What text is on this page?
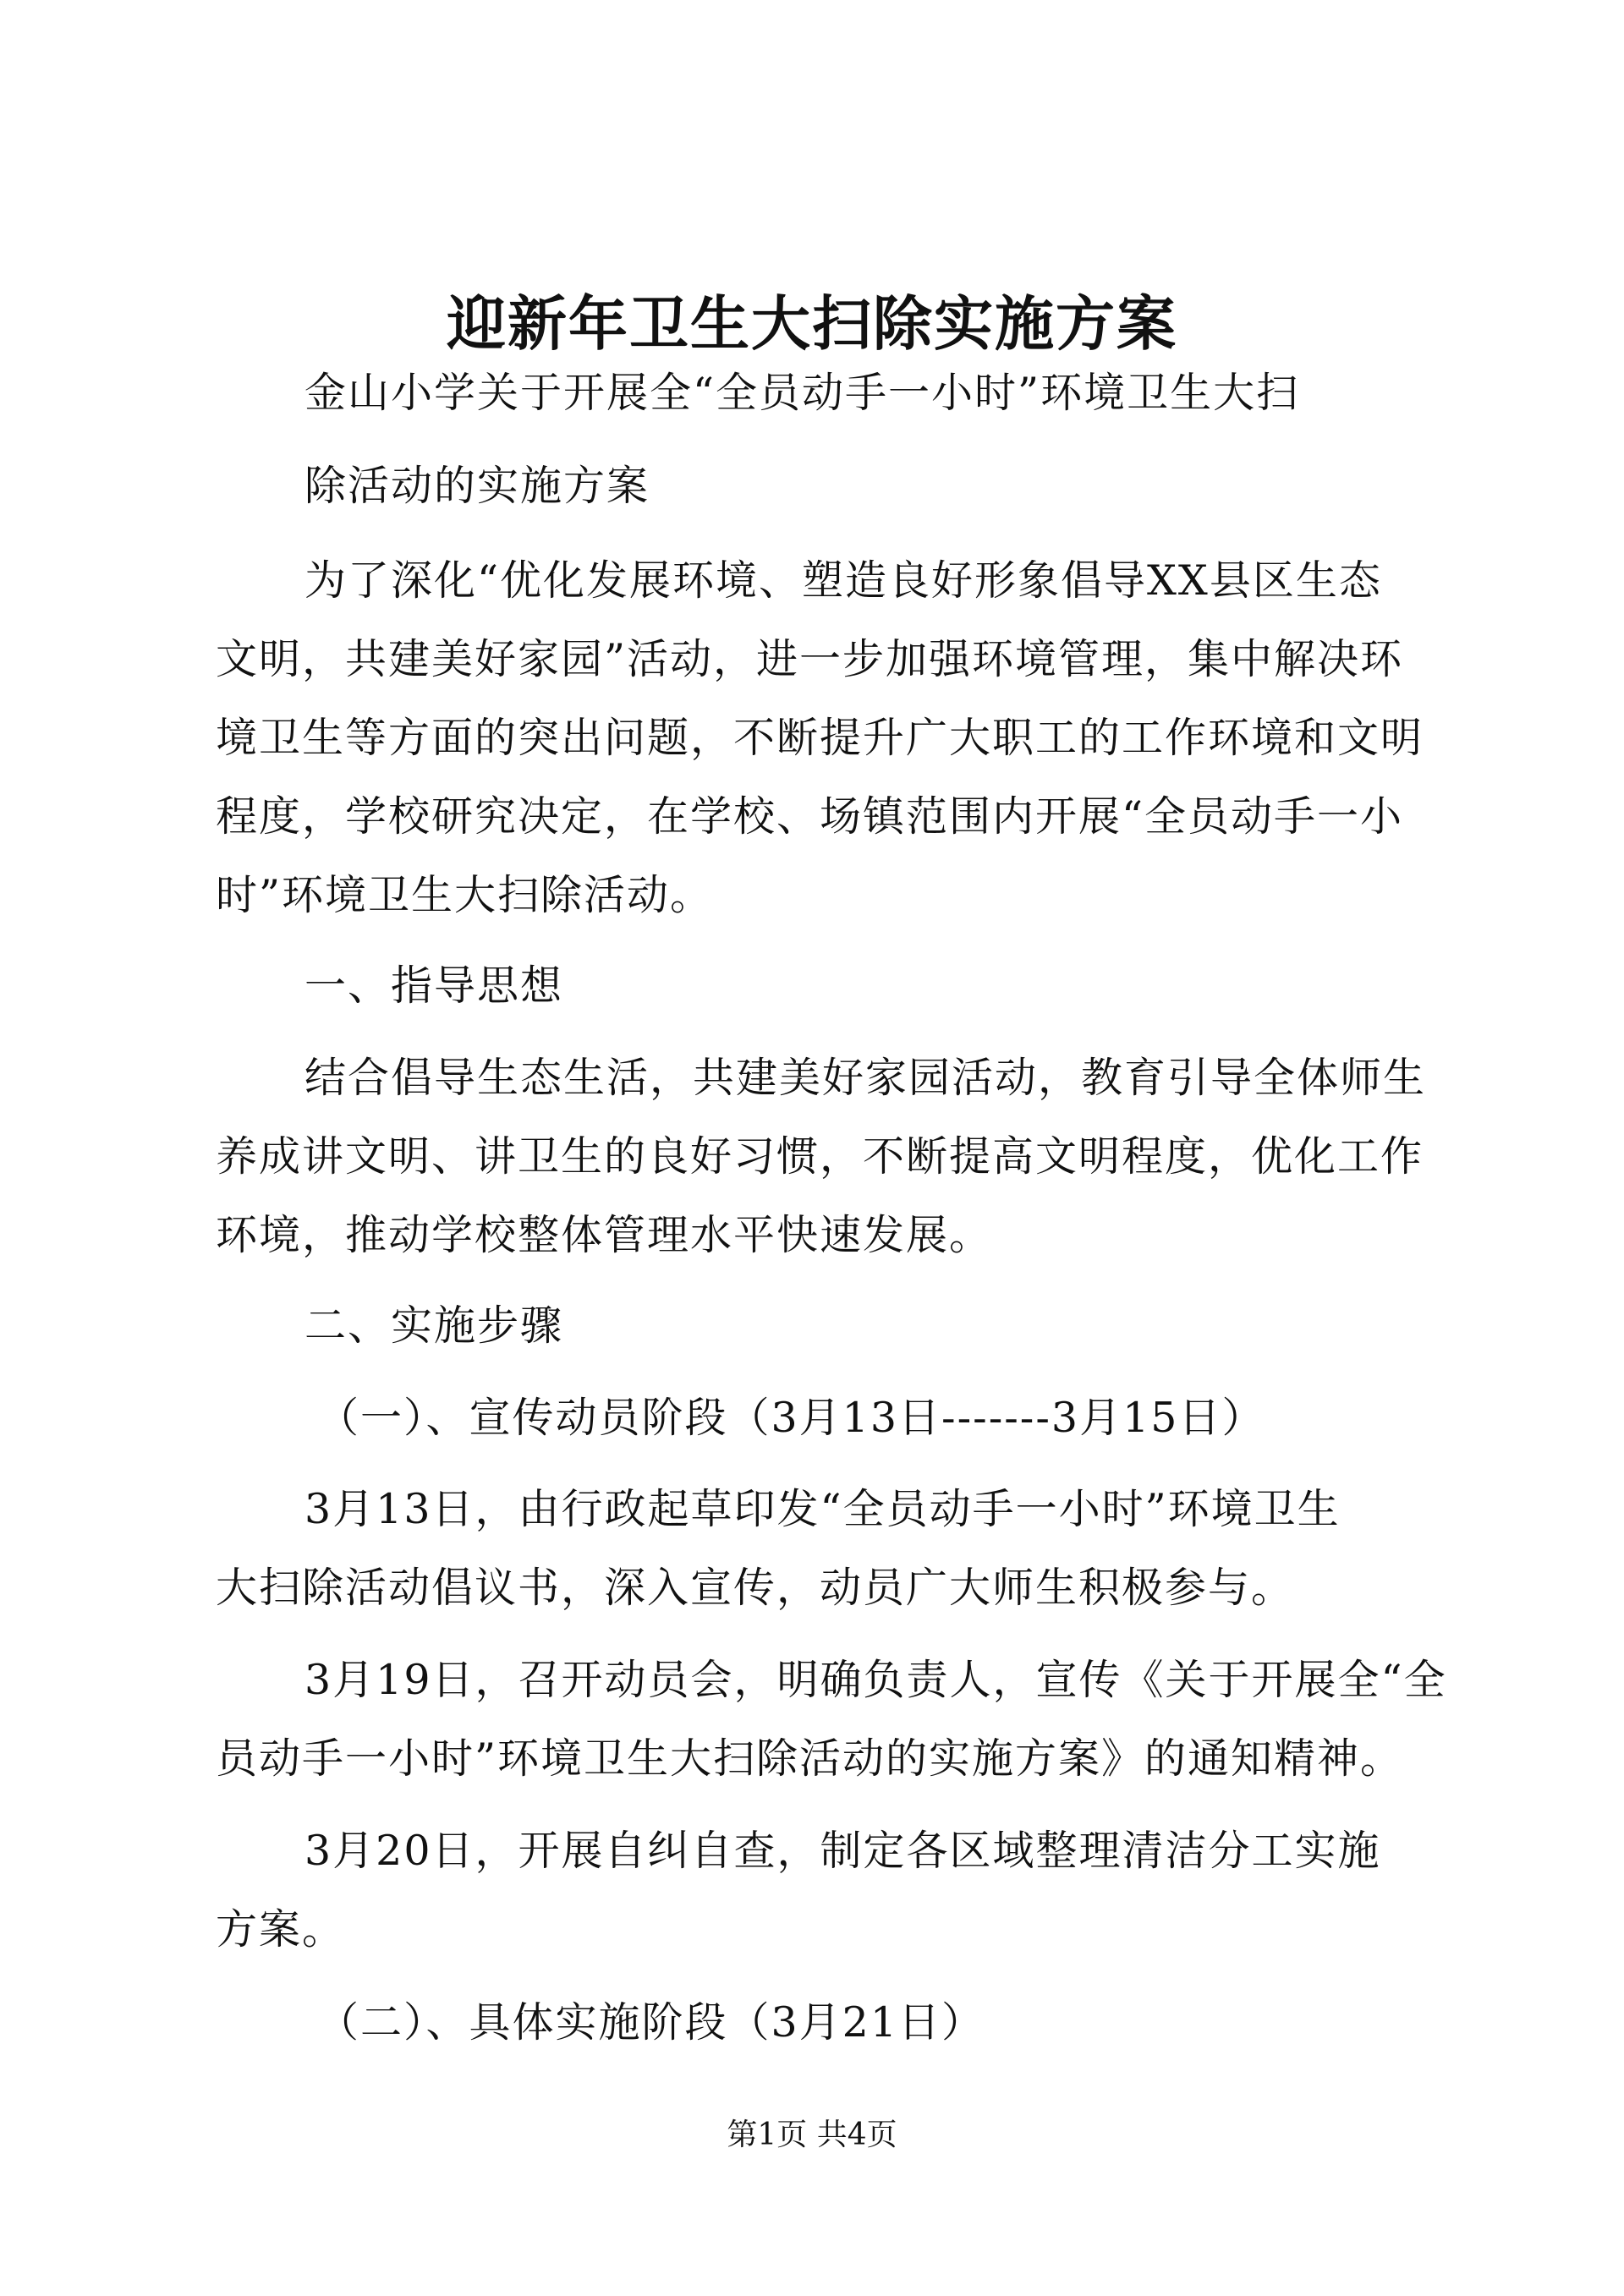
迎新年卫生大扫除实施方案
金山小学关于开展全“全员动手一小时”环境卫生大扫
除活动的实施方案
为了深化“优化发展环境、塑造良好形象倡导XX县区生态
文明，共建美好家园”活动，进一步加强环境管理，集中解决环
境卫生等方面的突出问题，不断提升广大职工的工作环境和文明
程度，学校研究决定，在学校、场镇范围内开展“全员动手一小
时”环境卫生大扫除活动。
一、指导思想
结合倡导生态生活，共建美好家园活动，教育引导全体师生
养成讲文明、讲卫生的良好习惯，不断提高文明程度，优化工作
环境，推动学校整体管理水平快速发展。
二、实施步骤
（一）、宣传动员阶段（3月13日-------3月15日）
3月13日，由行政起草印发“全员动手一小时”环境卫生
大扫除活动倡议书，深入宣传，动员广大师生积极参与。
3月19日，召开动员会，明确负责人，宣传《关于开展全“全
员动手一小时”环境卫生大扫除活动的实施方案》的通知精神。
3月20日，开展自纠自查，制定各区域整理清洁分工实施
方案。
（二）、具体实施阶段（3月21日）
第1页 共4页
